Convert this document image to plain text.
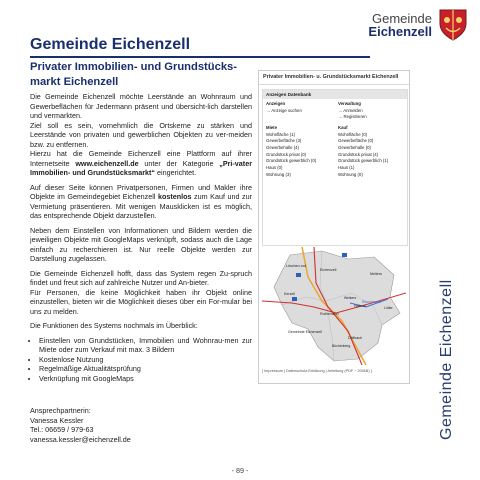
Gemeinde
Eichenzell
Gemeinde Eichenzell
Privater Immobilien- und Grundstücks-markt Eichenzell

Die Gemeinde Eichenzell möchte Leerstände an Wohnraum und Gewerbeflächen für Jedermann präsent und übersicht-lich darstellen und vermarkten.
Ziel soll es sein, vornehmlich die Ortskerne zu stärken und Leerstände von privaten und gewerblichen Objekten zu ver-meiden bzw. zu entfernen.
Hierzu hat die Gemeinde Eichenzell eine Plattform auf ihrer Internetseite www.eichenzell.de unter der Kategorie „Pri-vater Immobilien- und Grundstücksmarkt“ eingerichtet.

Auf dieser Seite können Privatpersonen, Firmen und Makler ihre Objekte im Gemeindegebiet Eichenzell kostenlos zum Kauf und zur Vermietung präsentieren. Mit wenigen Mausklicken ist es möglich, das entsprechende Objekt darzustellen.

Neben dem Einstellen von Informationen und Bildern werden die jeweiligen Objekte mit GoogleMaps verknüpft, sodass auch die Lage einfach zu recherchieren ist. Nur reelle Objekte werden zur Darstellung zugelassen.

Die Gemeinde Eichenzell hofft, dass das System regen Zu-spruch findet und freut sich auf zahlreiche Nutzer und An-bieter.
Für Personen, die keine Möglichkeit haben ihr Objekt online einzustellen, bieten wir die Möglichkeit dieses über ein For-mular bei uns zu melden.

Die Funktionen des Systems nochmals im Überblick:

• Einstellen von Grundstücken, Immobilien und Wohnrau-men zur Miete oder zum Verkauf mit max. 3 Bildern
• Kostenlose Nutzung
• Regelmäßige Aktualitätsprüfung
• Verknüpfung mit GoogleMaps
Ansprechpartnerin:
Vanessa Kessler
Tel.: 06659 / 979-63
vanessa.kessler@eichenzell.de
Privater Immobilien- u. Grundstücksmarkt Eichenzell
Anzeigen Datenbank
Anzeigen
→ Anzeige suchen
Verwaltung
→ Anmelden
→ Registrieren
Miete
Wohnfläche (1)
Gewerbefläche (3)
Gewerbehalle (4)
Grundstück privat (0)
Grundstück gewerblich (0)
Haus (0)
Wohnung (3)
Kauf
Wohnfläche (0)
Gewerbefläche (0)
Gewerbehalle (0)
Grundstück privat (4)
Grundstück gewerblich (1)
Haus (1)
Wohnung (0)
Löschen-rod
Eichenzell
Melters
Kerzell
Welkers
Rönshausen
Rothemann
Gemeinde Eichenzell
Döllbach
Büchenberg
Lütter
Hattenh.
[ Impressum | Datenschutz-Erklärung | Anleitung (PDF ~ 200kB) ]	Gemeinde Eichenzell
- 89 -
